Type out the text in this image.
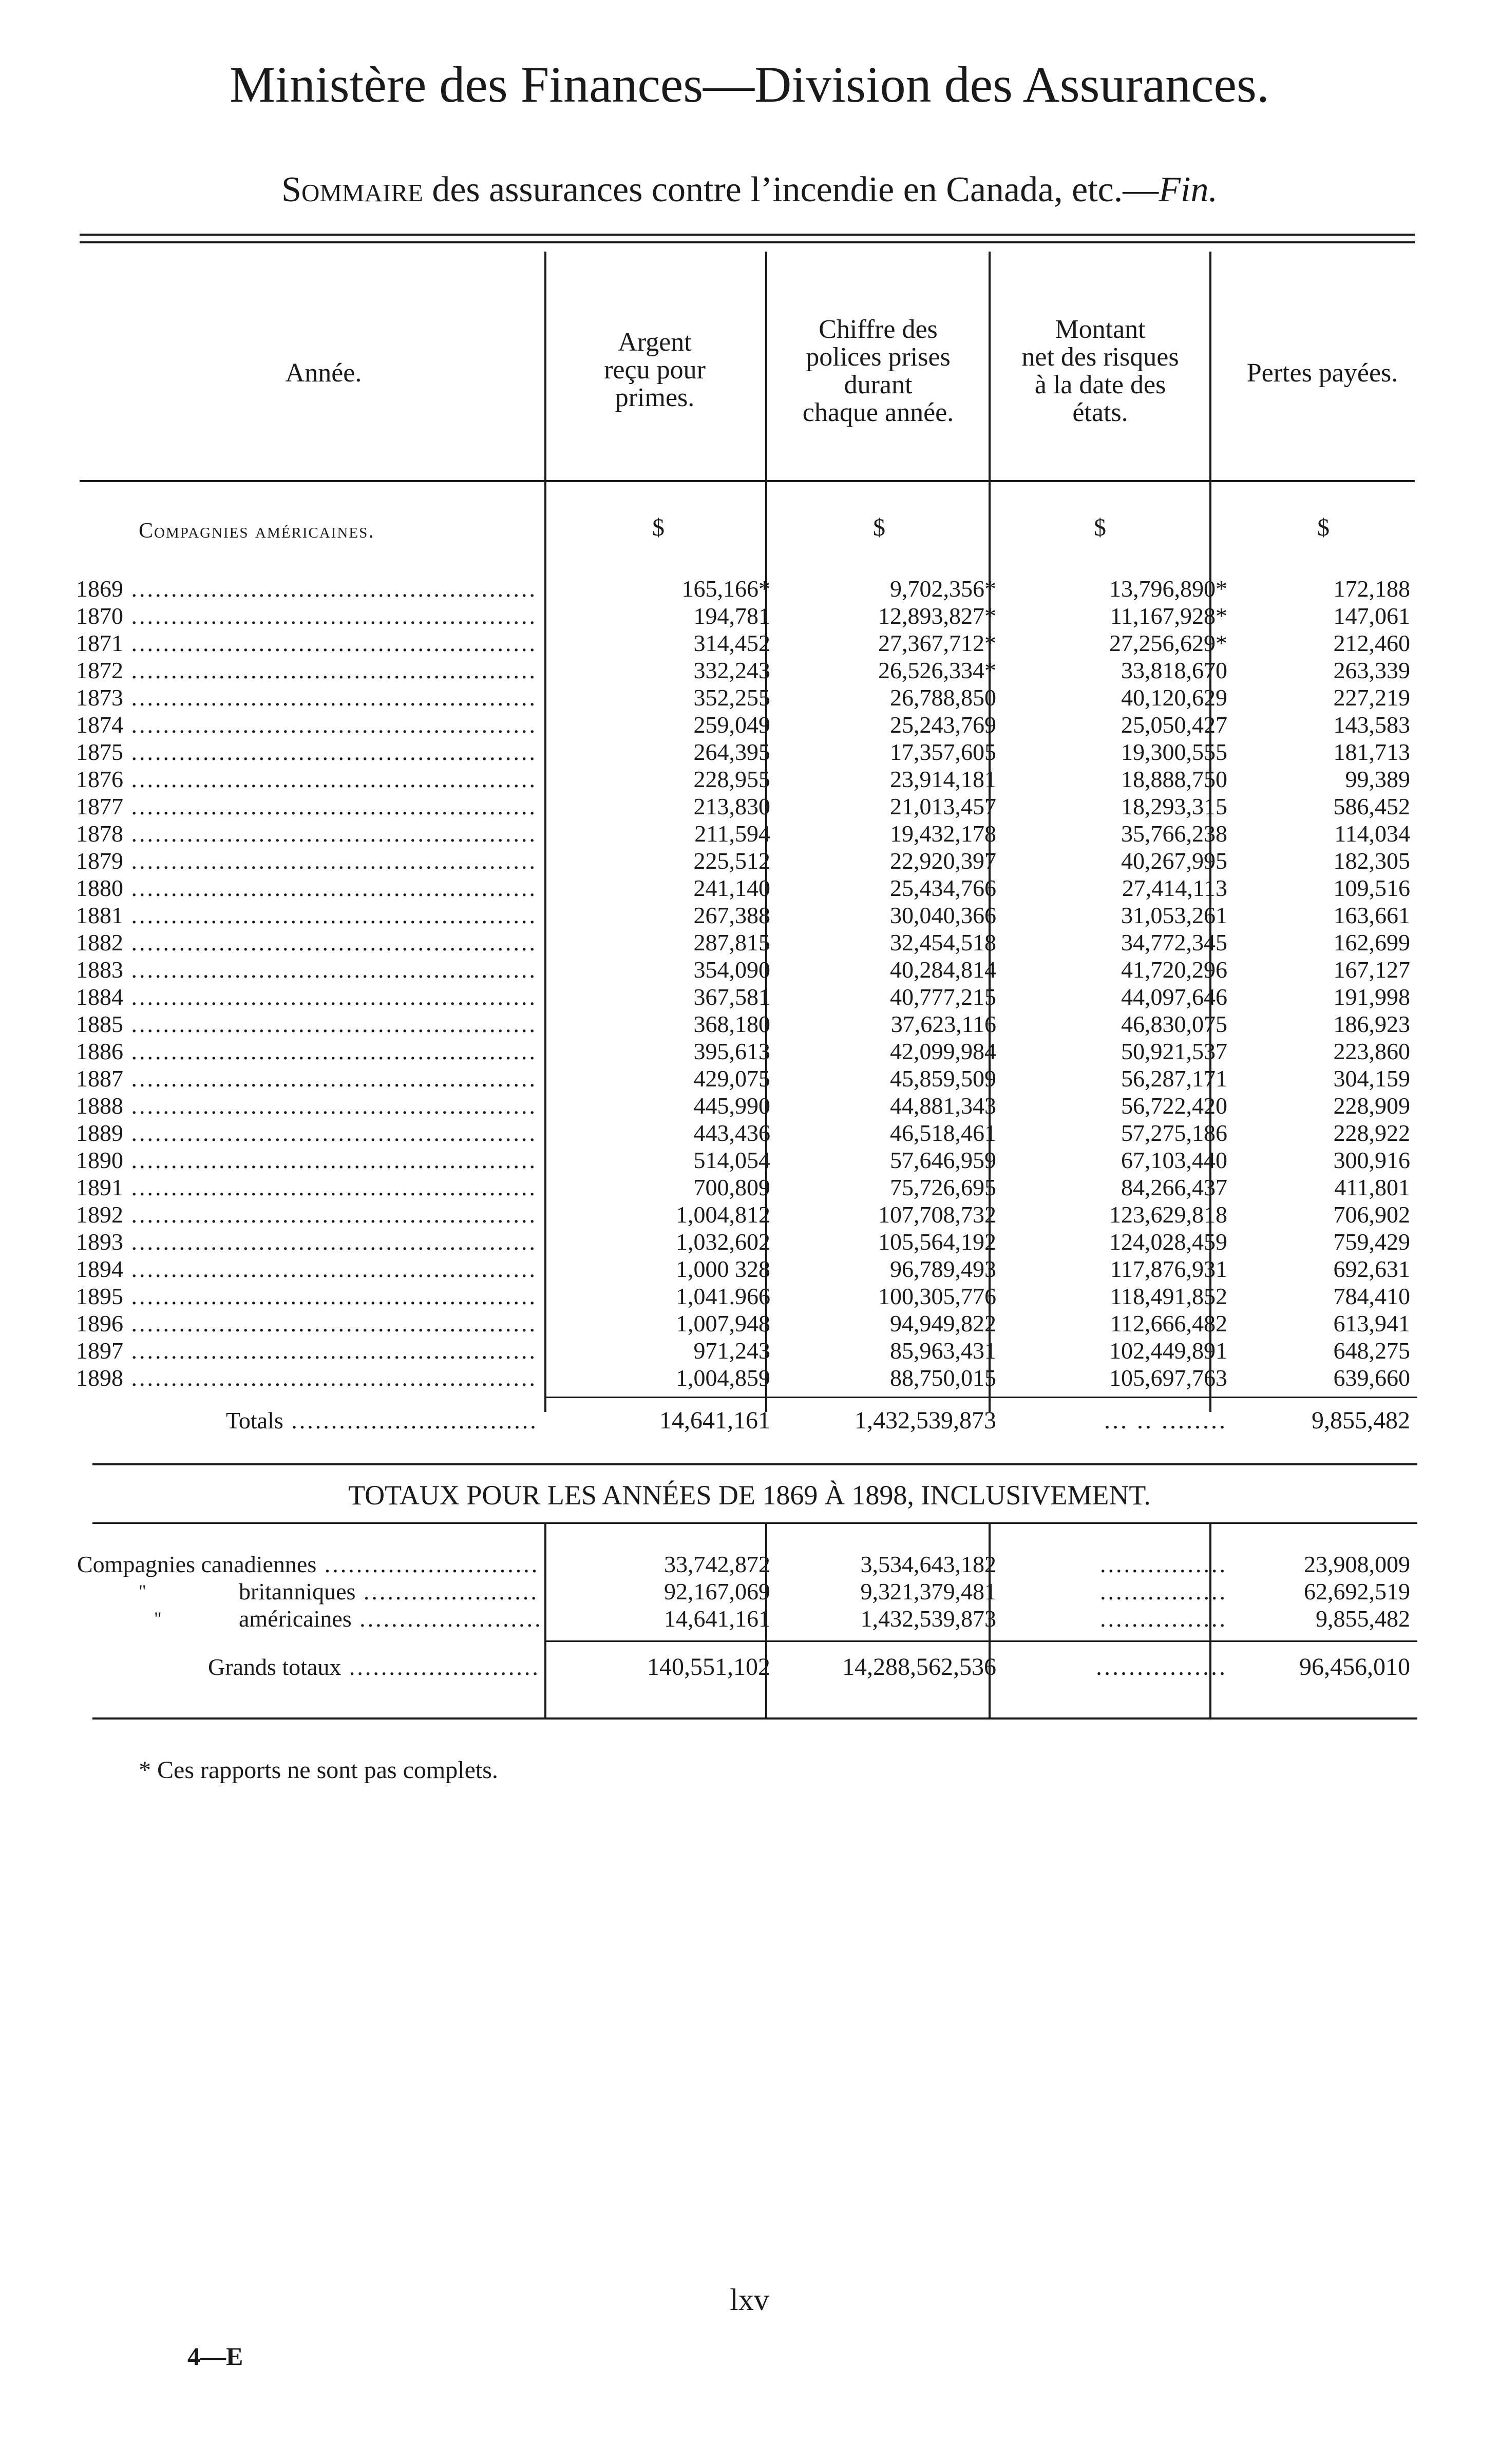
Ministère des Finances—Division des Assurances.
Sommaire des assurances contre l’incendie en Canada, etc.—Fin.
Année.
Argent
reçu pour
primes.
Chiffre des
polices prises
durant
chaque année.
Montant
net des risques
à la date des
états.
Pertes payées.
Compagnies américaines.	$	$	$	$
1869 .....	165,166*	9,702,356*	13,796,890*	172,188
1870 .....	194,781	12,893,827*	11,167,928*	147,061
1871 .....	314,452	27,367,712*	27,256,629*	212,460
1872 .....	332,243	26,526,334*	33,818,670	263,339
1873 .....	352,255	26,788,850	40,120,629	227,219
1874 .....	259,049	25,243,769	25,050,427	143,583
1875 .....	264,395	17,357,605	19,300,555	181,713
1876 .....	228,955	23,914,181	18,888,750	99,389
1877 .....	213,830	21,013,457	18,293,315	586,452
1878 .....	211,594	19,432,178	35,766,238	114,034
1879 .....	225,512	22,920,397	40,267,995	182,305
1880 .....	241,140	25,434,766	27,414,113	109,516
1881 .....	267,388	30,040,366	31,053,261	163,661
1882 .....	287,815	32,454,518	34,772,345	162,699
1883 .....	354,090	40,284,814	41,720,296	167,127
1884 .....	367,581	40,777,215	44,097,646	191,998
1885 .....	368,180	37,623,116	46,830,075	186,923
1886 .....	395,613	42,099,984	50,921,537	223,860
1887 .....	429,075	45,859,509	56,287,171	304,159
1888 .....	445,990	44,881,343	56,722,420	228,909
1889 .....	443,436	46,518,461	57,275,186	228,922
1890 .....	514,054	57,646,959	67,103,440	300,916
1891 .....	700,809	75,726,695	84,266,437	411,801
1892 .....	1,004,812	107,708,732	123,629,818	706,902
1893 .....	1,032,602	105,564,192	124,028,459	759,429
1894 .....	1,000 328	96,789,493	117,876,931	692,631
1895 .....	1,041.966	100,305,776	118,491,852	784,410
1896 .....	1,007,948	94,949,822	112,666,482	613,941
1897 .....	971,243	85,963,431	102,449,891	648,275
1898 .....	1,004,859	88,750,015	105,697,763	639,660
Totals .....	14,641,161	1,432,539,873	... .. ........	9,855,482
TOTAUX POUR LES ANNÉES DE 1869 À 1898, INCLUSIVEMENT.
Compagnies canadiennes .....	33,742,872	3,534,643,182	................	23,908,009
"	britanniques .....	92,167,069	9,321,379,481	................	62,692,519
"	américaines .....	14,641,161	1,432,539,873	................	9,855,482
Grands totaux .....	140,551,102	14,288,562,536	................	96,456,010
* Ces rapports ne sont pas complets.
lxv
4—E
